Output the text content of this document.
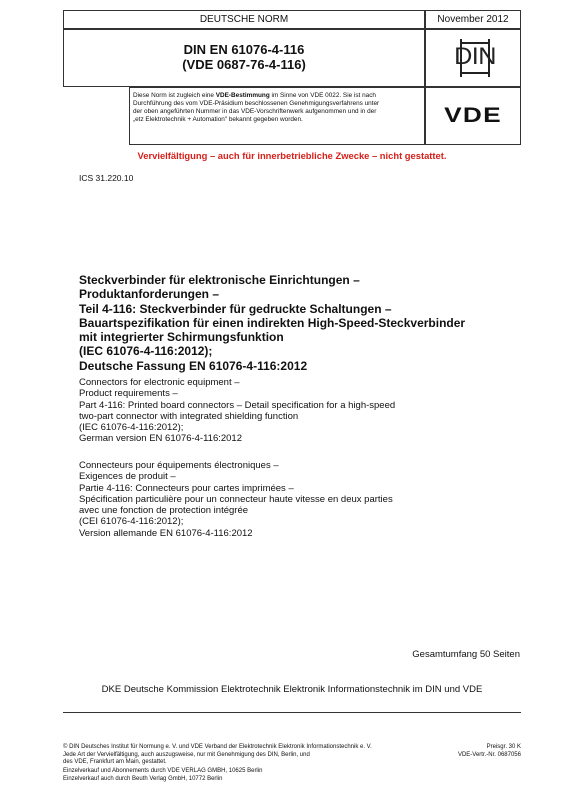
DEUTSCHE NORM	November 2012
DIN EN 61076-4-116
(VDE 0687-76-4-116)	DIN
Diese Norm ist zugleich eine VDE-Bestimmung im Sinne von VDE 0022. Sie ist nach
Durchführung des vom VDE-Präsidium beschlossenen Genehmigungsverfahrens unter
der oben angeführten Nummer in das VDE-Vorschriftenwerk aufgenommen und in der
„etz Elektrotechnik + Automation" bekannt gegeben worden.	VDE
Vervielfältigung – auch für innerbetriebliche Zwecke – nicht gestattet.
ICS 31.220.10
Steckverbinder für elektronische Einrichtungen –
Produktanforderungen –
Teil 4-116: Steckverbinder für gedruckte Schaltungen –
Bauartspezifikation für einen indirekten High-Speed-Steckverbinder
mit integrierter Schirmungsfunktion
(IEC 61076-4-116:2012);
Deutsche Fassung EN 61076-4-116:2012
Connectors for electronic equipment –
Product requirements –
Part 4-116: Printed board connectors – Detail specification for a high-speed
two-part connector with integrated shielding function
(IEC 61076-4-116:2012);
German version EN 61076-4-116:2012
Connecteurs pour équipements électroniques –
Exigences de produit –
Partie 4-116: Connecteurs pour cartes imprimées –
Spécification particulière pour un connecteur haute vitesse en deux parties
avec une fonction de protection intégrée
(CEI 61076-4-116:2012);
Version allemande EN 61076-4-116:2012
Gesamtumfang 50 Seiten
DKE Deutsche Kommission Elektrotechnik Elektronik Informationstechnik im DIN und VDE
© DIN Deutsches Institut für Normung e. V. und VDE Verband der Elektrotechnik Elektronik Informationstechnik e. V.
Jede Art der Vervielfältigung, auch auszugsweise, nur mit Genehmigung des DIN, Berlin, und
des VDE, Frankfurt am Main, gestattet.
Einzelverkauf und Abonnements durch VDE VERLAG GMBH, 10625 Berlin
Einzelverkauf auch durch Beuth Verlag GmbH, 10772 Berlin
Preisgr. 30 K
VDE-Vertr.-Nr. 0687056
